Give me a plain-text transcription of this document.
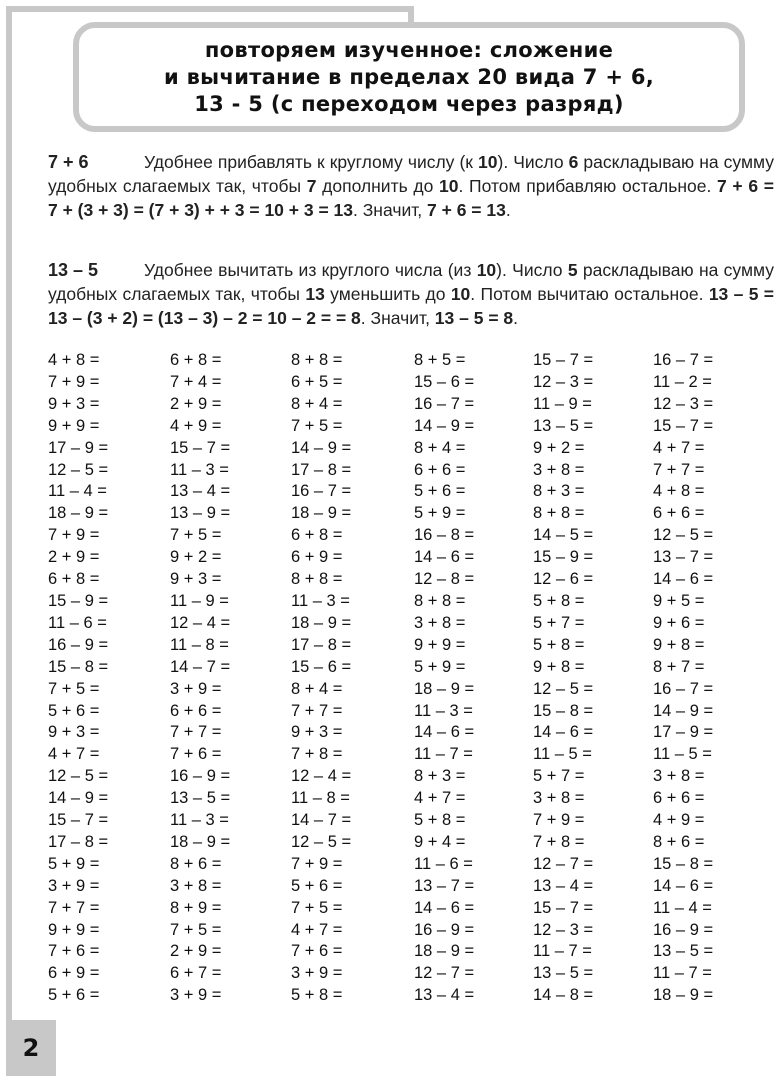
повторяем изученное: сложение
и вычитание в пределах 20 вида 7 + 6,
13 - 5 (с переходом через разряд)
7 + 6	Удобнее прибавлять к круглому числу (к 10). Число 6 раскладываю на сумму удобных слагаемых так, чтобы 7 дополнить до 10. Потом прибавляю остальное. 7 + 6 = 7 + (3 + 3) = (7 + 3) + + 3 = 10 + 3 = 13. Значит, 7 + 6 = 13.
13 – 5	Удобнее вычитать из круглого числа (из 10). Число 5 раскладываю на сумму удобных слагаемых так, чтобы 13 уменьшить до 10. Потом вычитаю остальное. 13 – 5 = 13 – (3 + 2) = (13 – 3) – 2 = 10 – 2 = = 8. Значит, 13 – 5 = 8.
4 + 8 =	6 + 8 =	8 + 8 =	8 + 5 =	15 – 7 =	16 – 7 =
7 + 9 =	7 + 4 =	6 + 5 =	15 – 6 =	12 – 3 =	11 – 2 =
9 + 3 =	2 + 9 =	8 + 4 =	16 – 7 =	11 – 9 =	12 – 3 =
9 + 9 =	4 + 9 =	7 + 5 =	14 – 9 =	13 – 5 =	15 – 7 =
17 – 9 =	15 – 7 =	14 – 9 =	8 + 4 =	9 + 2 =	4 + 7 =
12 – 5 =	11 – 3 =	17 – 8 =	6 + 6 =	3 + 8 =	7 + 7 =
11 – 4 =	13 – 4 =	16 – 7 =	5 + 6 =	8 + 3 =	4 + 8 =
18 – 9 =	13 – 9 =	18 – 9 =	5 + 9 =	8 + 8 =	6 + 6 =
7 + 9 =	7 + 5 =	6 + 8 =	16 – 8 =	14 – 5 =	12 – 5 =
2 + 9 =	9 + 2 =	6 + 9 =	14 – 6 =	15 – 9 =	13 – 7 =
6 + 8 =	9 + 3 =	8 + 8 =	12 – 8 =	12 – 6 =	14 – 6 =
15 – 9 =	11 – 9 =	11 – 3 =	8 + 8 =	5 + 8 =	9 + 5 =
11 – 6 =	12 – 4 =	18 – 9 =	3 + 8 =	5 + 7 =	9 + 6 =
16 – 9 =	11 – 8 =	17 – 8 =	9 + 9 =	5 + 8 =	9 + 8 =
15 – 8 =	14 – 7 =	15 – 6 =	5 + 9 =	9 + 8 =	8 + 7 =
7 + 5 =	3 + 9 =	8 + 4 =	18 – 9 =	12 – 5 =	16 – 7 =
5 + 6 =	6 + 6 =	7 + 7 =	11 – 3 =	15 – 8 =	14 – 9 =
9 + 3 =	7 + 7 =	9 + 3 =	14 – 6 =	14 – 6 =	17 – 9 =
4 + 7 =	7 + 6 =	7 + 8 =	11 – 7 =	11 – 5 =	11 – 5 =
12 – 5 =	16 – 9 =	12 – 4 =	8 + 3 =	5 + 7 =	3 + 8 =
14 – 9 =	13 – 5 =	11 – 8 =	4 + 7 =	3 + 8 =	6 + 6 =
15 – 7 =	11 – 3 =	14 – 7 =	5 + 8 =	7 + 9 =	4 + 9 =
17 – 8 =	18 – 9 =	12 – 5 =	9 + 4 =	7 + 8 =	8 + 6 =
5 + 9 =	8 + 6 =	7 + 9 =	11 – 6 =	12 – 7 =	15 – 8 =
3 + 9 =	3 + 8 =	5 + 6 =	13 – 7 =	13 – 4 =	14 – 6 =
7 + 7 =	8 + 9 =	7 + 5 =	14 – 6 =	15 – 7 =	11 – 4 =
9 + 9 =	7 + 5 =	4 + 7 =	16 – 9 =	12 – 3 =	16 – 9 =
7 + 6 =	2 + 9 =	7 + 6 =	18 – 9 =	11 – 7 =	13 – 5 =
6 + 9 =	6 + 7 =	3 + 9 =	12 – 7 =	13 – 5 =	11 – 7 =
5 + 6 =	3 + 9 =	5 + 8 =	13 – 4 =	14 – 8 =	18 – 9 =
2
